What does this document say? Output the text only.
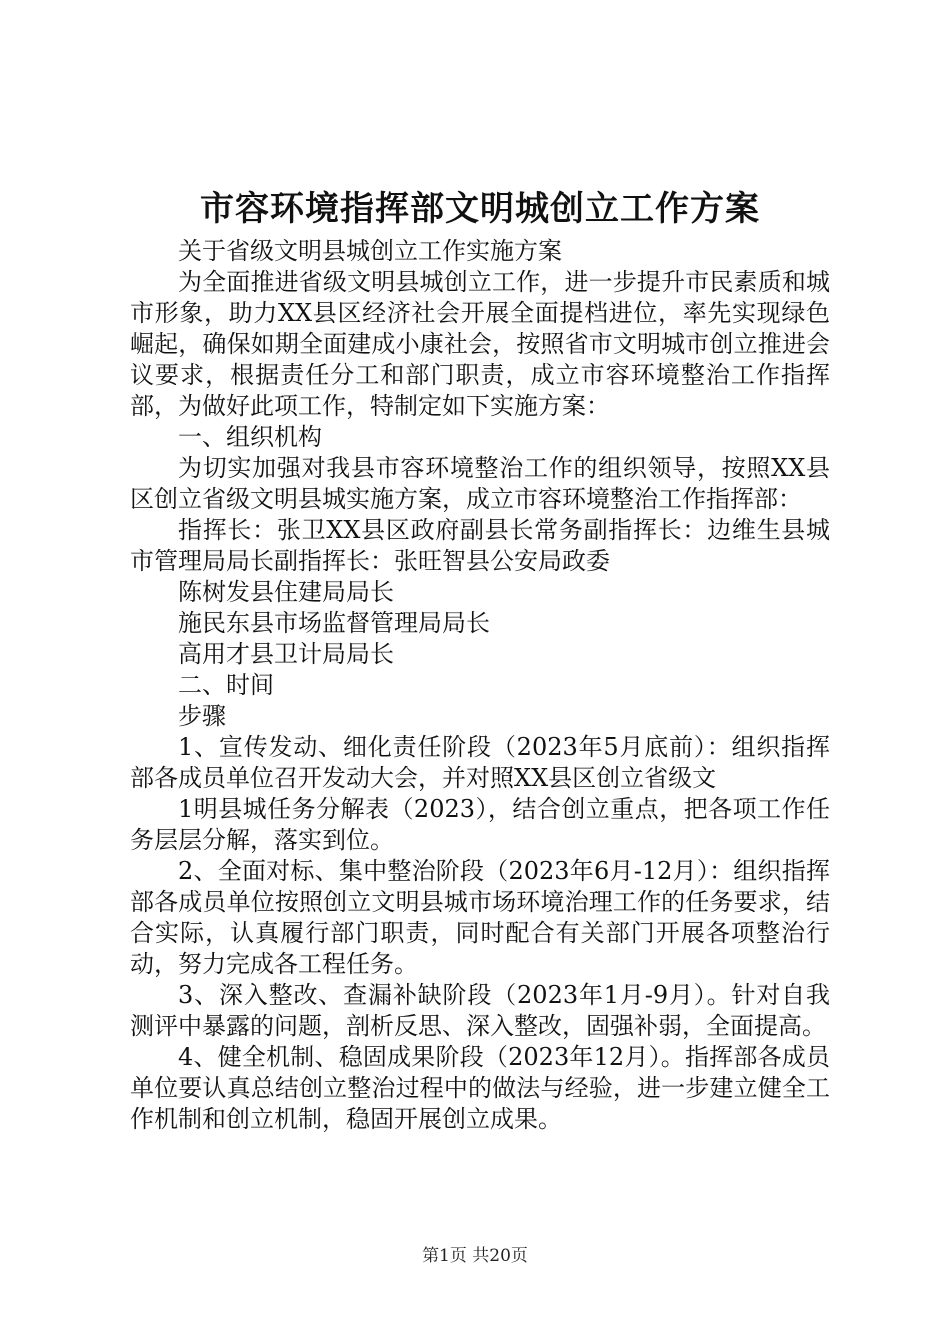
市容环境指挥部文明城创立工作方案

关于省级文明县城创立工作实施方案

为全面推进省级文明县城创立工作，进一步提升市民素质和城市形象，助力XX县区经济社会开展全面提档进位，率先实现绿色崛起，确保如期全面建成小康社会，按照省市文明城市创立推进会议要求，根据责任分工和部门职责，成立市容环境整治工作指挥部，为做好此项工作，特制定如下实施方案：

一、组织机构

为切实加强对我县市容环境整治工作的组织领导，按照XX县区创立省级文明县城实施方案，成立市容环境整治工作指挥部：

指挥长：张卫XX县区政府副县长常务副指挥长：边维生县城市管理局局长副指挥长：张旺智县公安局政委

陈树发县住建局局长

施民东县市场监督管理局局长

高用才县卫计局局长

二、时间

步骤

1、宣传发动、细化责任阶段（2023年5月底前）：组织指挥部各成员单位召开发动大会，并对照XX县区创立省级文

1明县城任务分解表（2023），结合创立重点，把各项工作任务层层分解，落实到位。

2、全面对标、集中整治阶段（2023年6月-12月）：组织指挥部各成员单位按照创立文明县城市场环境治理工作的任务要求，结合实际，认真履行部门职责，同时配合有关部门开展各项整治行动，努力完成各工程任务。

3、深入整改、查漏补缺阶段（2023年1月-9月）。针对自我测评中暴露的问题，剖析反思、深入整改，固强补弱，全面提高。

4、健全机制、稳固成果阶段（2023年12月）。指挥部各成员单位要认真总结创立整治过程中的做法与经验，进一步建立健全工作机制和创立机制，稳固开展创立成果。

第1页 共20页
